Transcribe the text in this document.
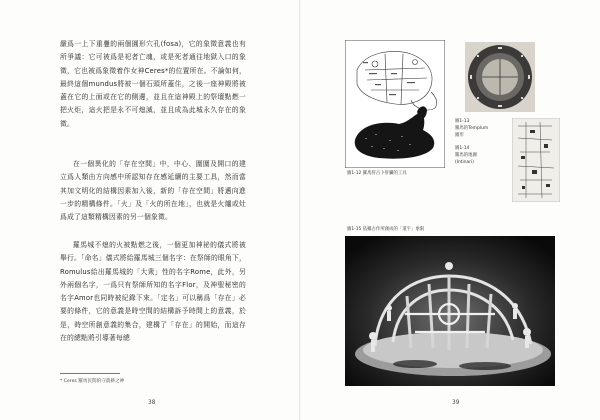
嚴爲一上下重疊的兩個圓形穴孔(fosa)，它的象徵意義也有所爭議：它可被爲是祀者亡魂，或是死者通往地獄入口的象徵，它也被爲象徵着作女神Ceres*的位置所在。不論如何，最終這個mundus將被一個石頭所蓋住，之後一座神殿將被蓋在它的上面或在它的側邊，並且在這神殿上的祭壇點燃一把火炬，這火把是永不可熄滅，並且成為此城永久存在的象徵。

在一個異化的「存在空間」中，中心、圍圍及開口的建立爲人類由方向感中所認知存在感延續的主要工具，然而當其加文明化的結構因素加入後，新的「存在空間」將邁向進一步的精構條件。「火」及「火的所在地」，也就是火爐或灶爲成了這類精構因素的另一個象徵。

羅馬城不熄的火被點燃之後，一個更加神祕的儀式將被舉行。「命名」儀式將給羅馬城三個名字：在祭師的眼角下，Romulus給出羅馬城的「大衆」性的名字Rome，此外，另外兩個名字，一爲只有祭師所知的名字Flor，及神聖秘密的名字Amor也同時被紀錄下來。「定名」可以稱爲「存在」必要的條件，它的意義是時空間的結構訴予時間上的意義，於是，時空所創意義的集合，建構了「存在」的開始，而這存在的總點將引導著每總

* Ceres 羅馬民間的守農耕之神

38

圖1-12 羅馬肝占卜肝臟的工具

圖1-13
羅馬的Templum
圖形
圖1-14
羅馬的地圖
(Intinari)

圖1-15 依據古作所創成的「道宇」象限

39
